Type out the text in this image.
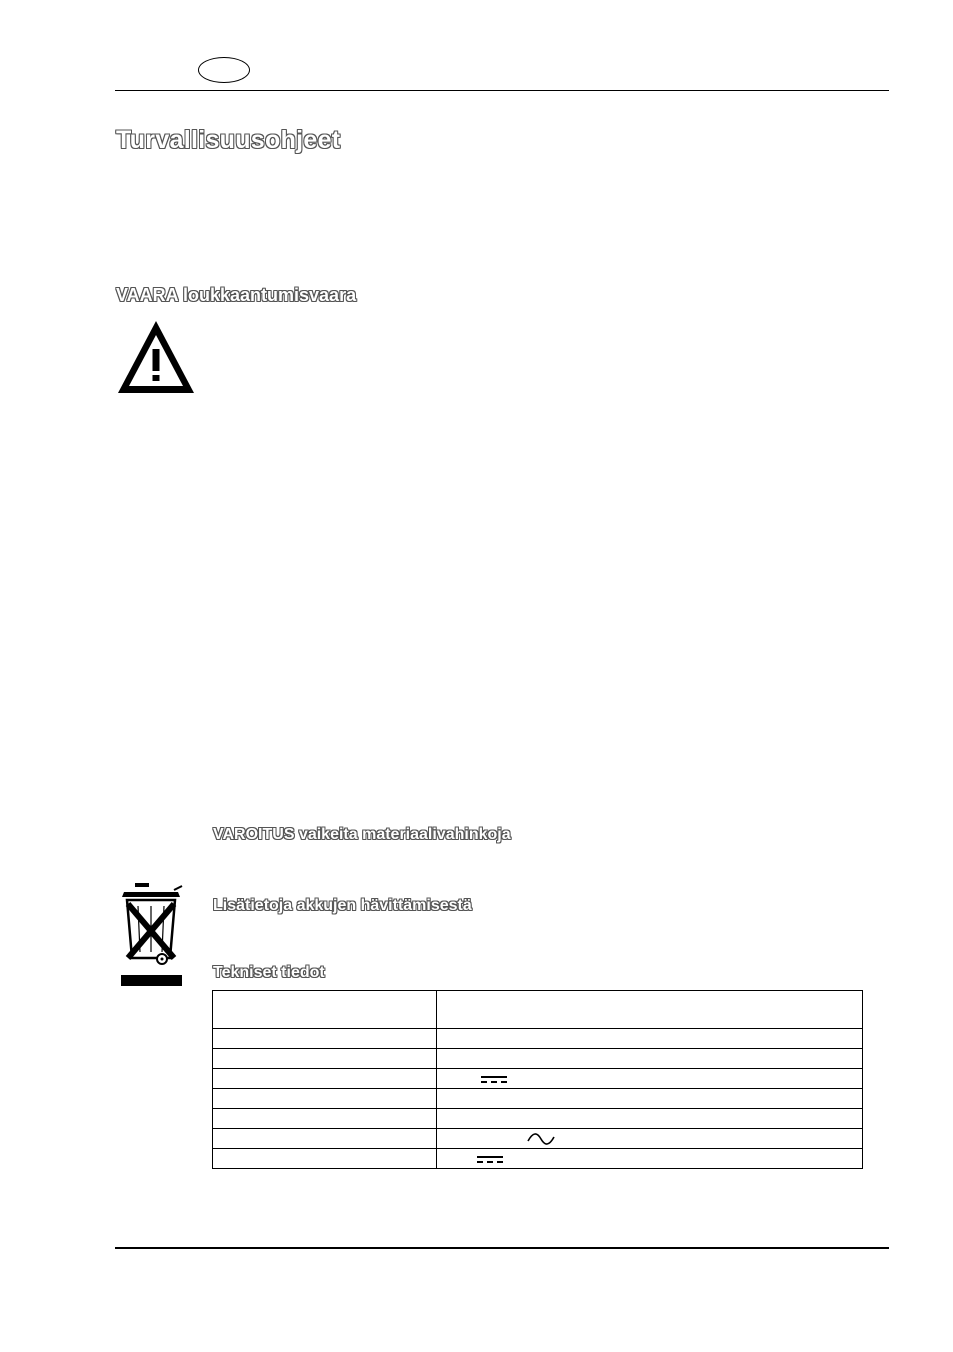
Turvallisuusohjeet
VAARA loukkaantumisvaara
VAROITUS vaikeita materiaalivahinkoja
Lisätietoja akkujen hävittämisestä
Tekniset tiedot
